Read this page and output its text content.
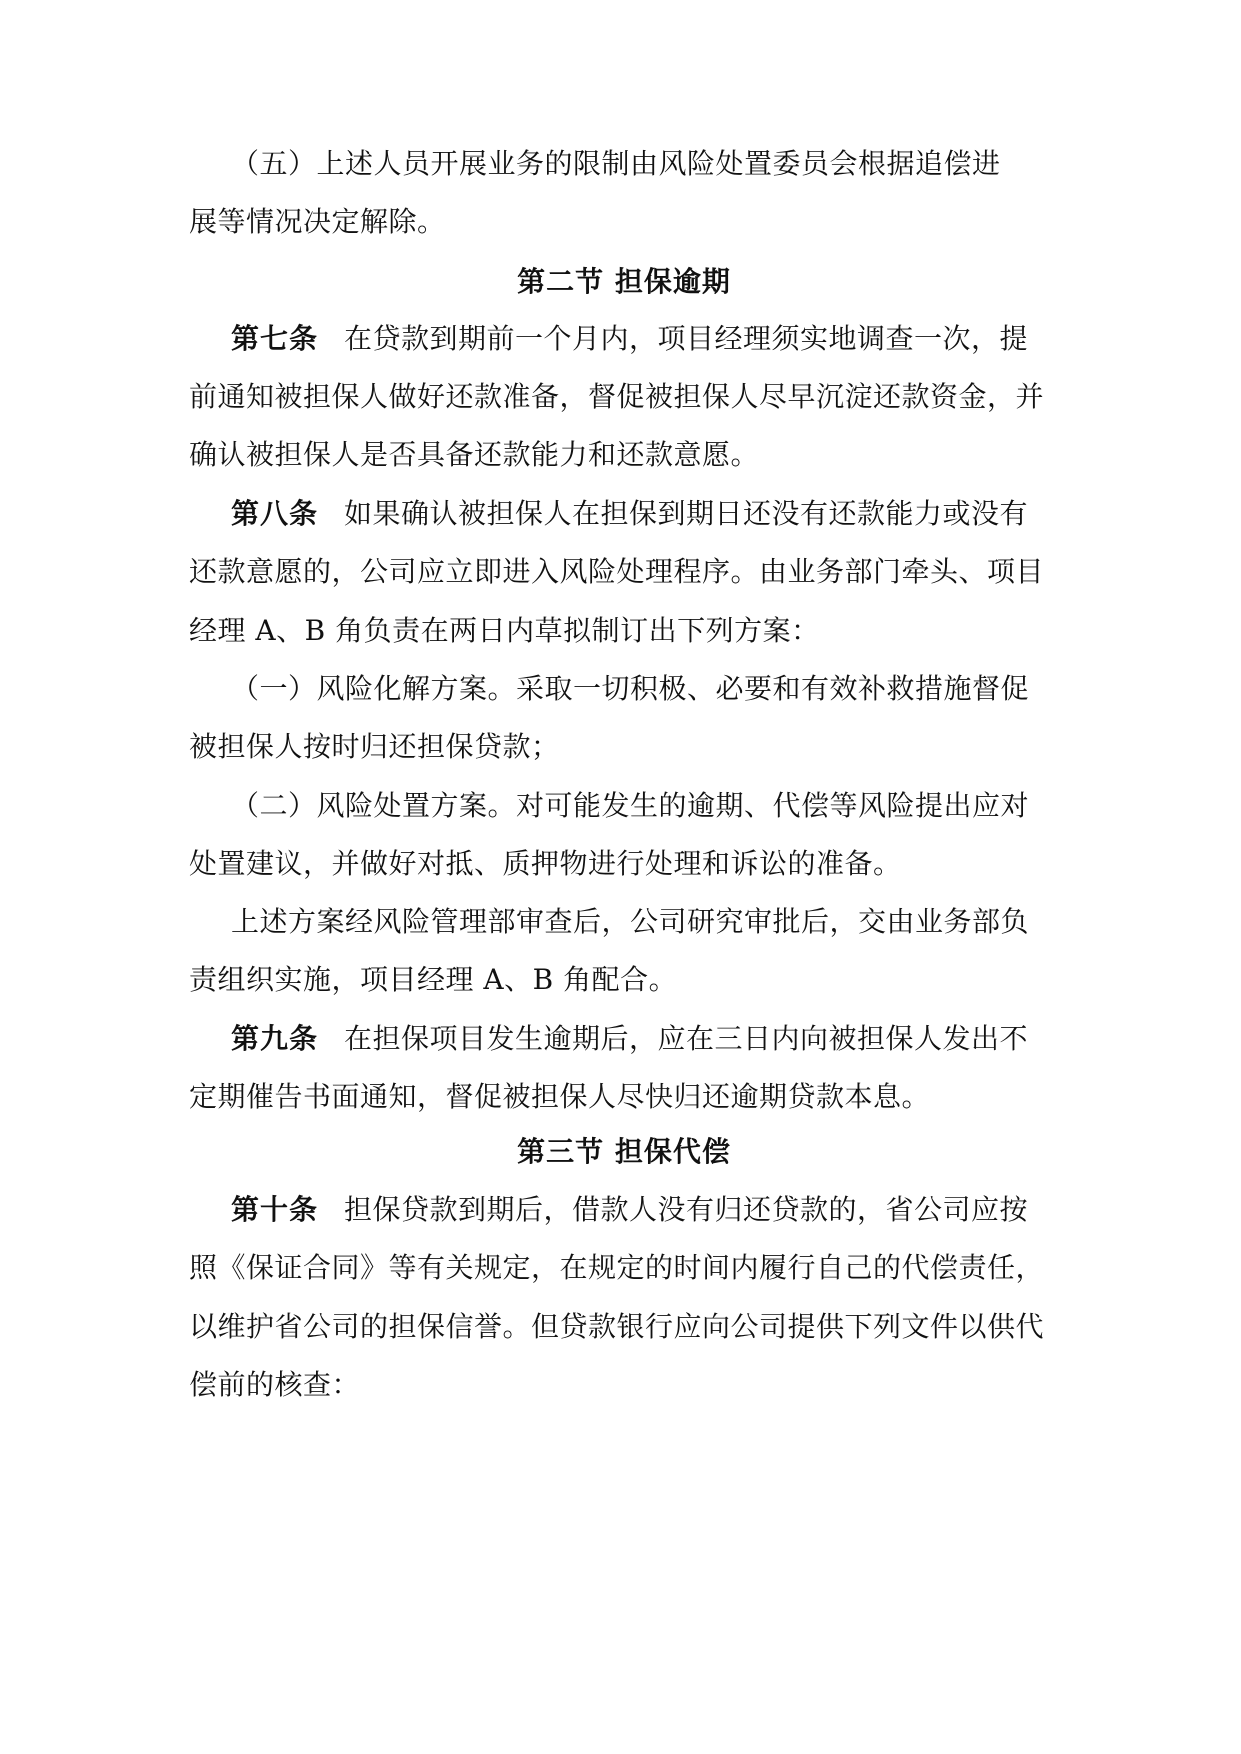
（五）上述人员开展业务的限制由风险处置委员会根据追偿进
展等情况决定解除。
第二节 担保逾期
第七条 在贷款到期前一个月内，项目经理须实地调查一次，提
前通知被担保人做好还款准备，督促被担保人尽早沉淀还款资金，并
确认被担保人是否具备还款能力和还款意愿。
第八条 如果确认被担保人在担保到期日还没有还款能力或没有
还款意愿的，公司应立即进入风险处理程序。由业务部门牵头、项目
经理 A、B 角负责在两日内草拟制订出下列方案：
（一）风险化解方案。采取一切积极、必要和有效补救措施督促
被担保人按时归还担保贷款；
（二）风险处置方案。对可能发生的逾期、代偿等风险提出应对
处置建议，并做好对抵、质押物进行处理和诉讼的准备。
上述方案经风险管理部审查后，公司研究审批后，交由业务部负
责组织实施，项目经理 A、B 角配合。
第九条 在担保项目发生逾期后，应在三日内向被担保人发出不
定期催告书面通知，督促被担保人尽快归还逾期贷款本息。
第三节 担保代偿
第十条 担保贷款到期后，借款人没有归还贷款的，省公司应按
照《保证合同》等有关规定，在规定的时间内履行自己的代偿责任，
以维护省公司的担保信誉。但贷款银行应向公司提供下列文件以供代
偿前的核查：
